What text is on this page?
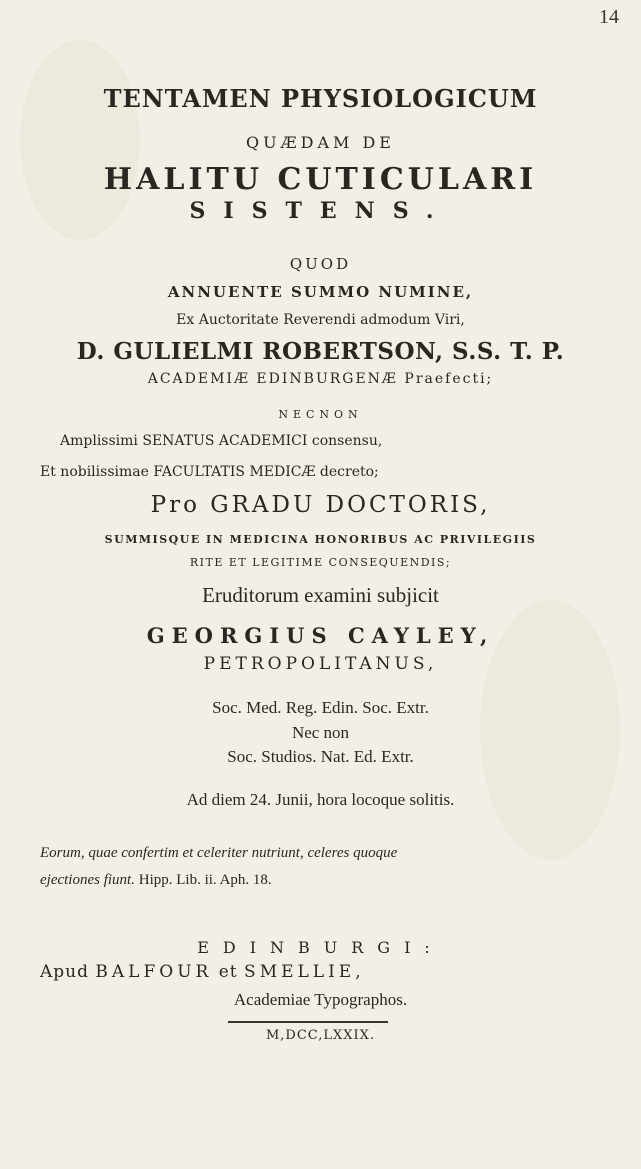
14
TENTAMEN PHYSIOLOGICUM
QUÆDAM DE
HALITU CUTICULARI
SISTENS.
QUOD
ANNUENTE SUMMO NUMINE,
Ex Auctoritate Reverendi admodum Viri,
D. GULIELMI ROBERTSON, S.S. T. P.
ACADEMIÆ EDINBURGENÆ Praefecti;
NECNON
Amplissimi SENATUS ACADEMICI consensu,
Et nobilissimae FACULTATIS MEDICÆ decreto;
Pro GRADU DOCTORIS,
SUMMISQUE IN MEDICINA HONORIBUS AC PRIVILEGIIS
RITE ET LEGITIME CONSEQUENDIS;
Eruditorum examini subjicit
GEORGIUS CAYLEY,
PETROPOLITANUS,
Soc. Med. Reg. Edin. Soc. Extr.
Nec non
Soc. Studios. Nat. Ed. Extr.
Ad diem 24. Junii, hora locoque solitis.
Eorum, quae confertim et celeriter nutriunt, celeres quoque
ejectiones fiunt. Hipp. Lib. ii. Aph. 18.
EDINBURGI:
Apud BALFOUR et SMELLIE,
Academiae Typographos.
M,DCC,LXXIX.
